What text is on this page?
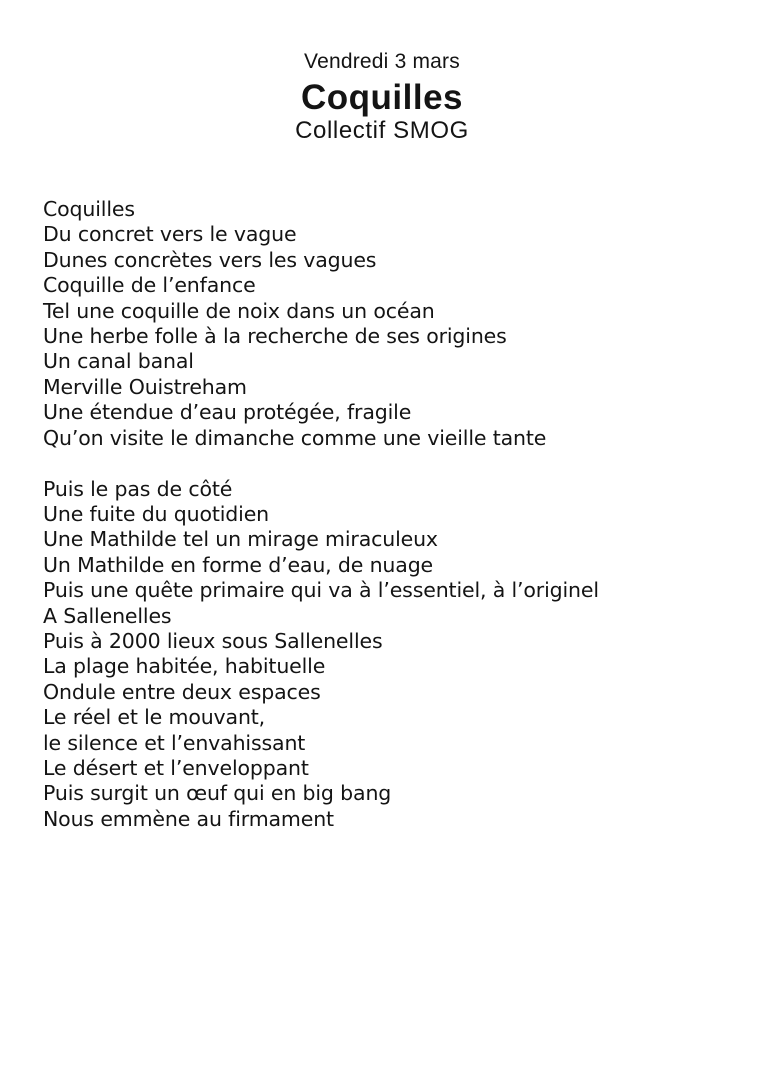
Vendredi 3 mars
Coquilles
Collectif SMOG
Coquilles
Du concret vers le vague
Dunes concrètes vers les vagues
Coquille de l’enfance
Tel une coquille de noix dans un océan
Une herbe folle à la recherche de ses origines
Un canal banal
Merville Ouistreham
Une étendue d’eau protégée, fragile
Qu’on visite le dimanche comme une vieille tante
Puis le pas de côté
Une fuite du quotidien
Une Mathilde tel un mirage miraculeux
Un Mathilde en forme d’eau, de nuage
Puis une quête primaire qui va à l’essentiel, à l’originel
A Sallenelles
Puis à 2000 lieux sous Sallenelles
La plage habitée, habituelle
Ondule entre deux espaces
Le réel et le mouvant,
le silence et l’envahissant
Le désert et l’enveloppant
Puis surgit un œuf qui en big bang
Nous emmène au firmament
